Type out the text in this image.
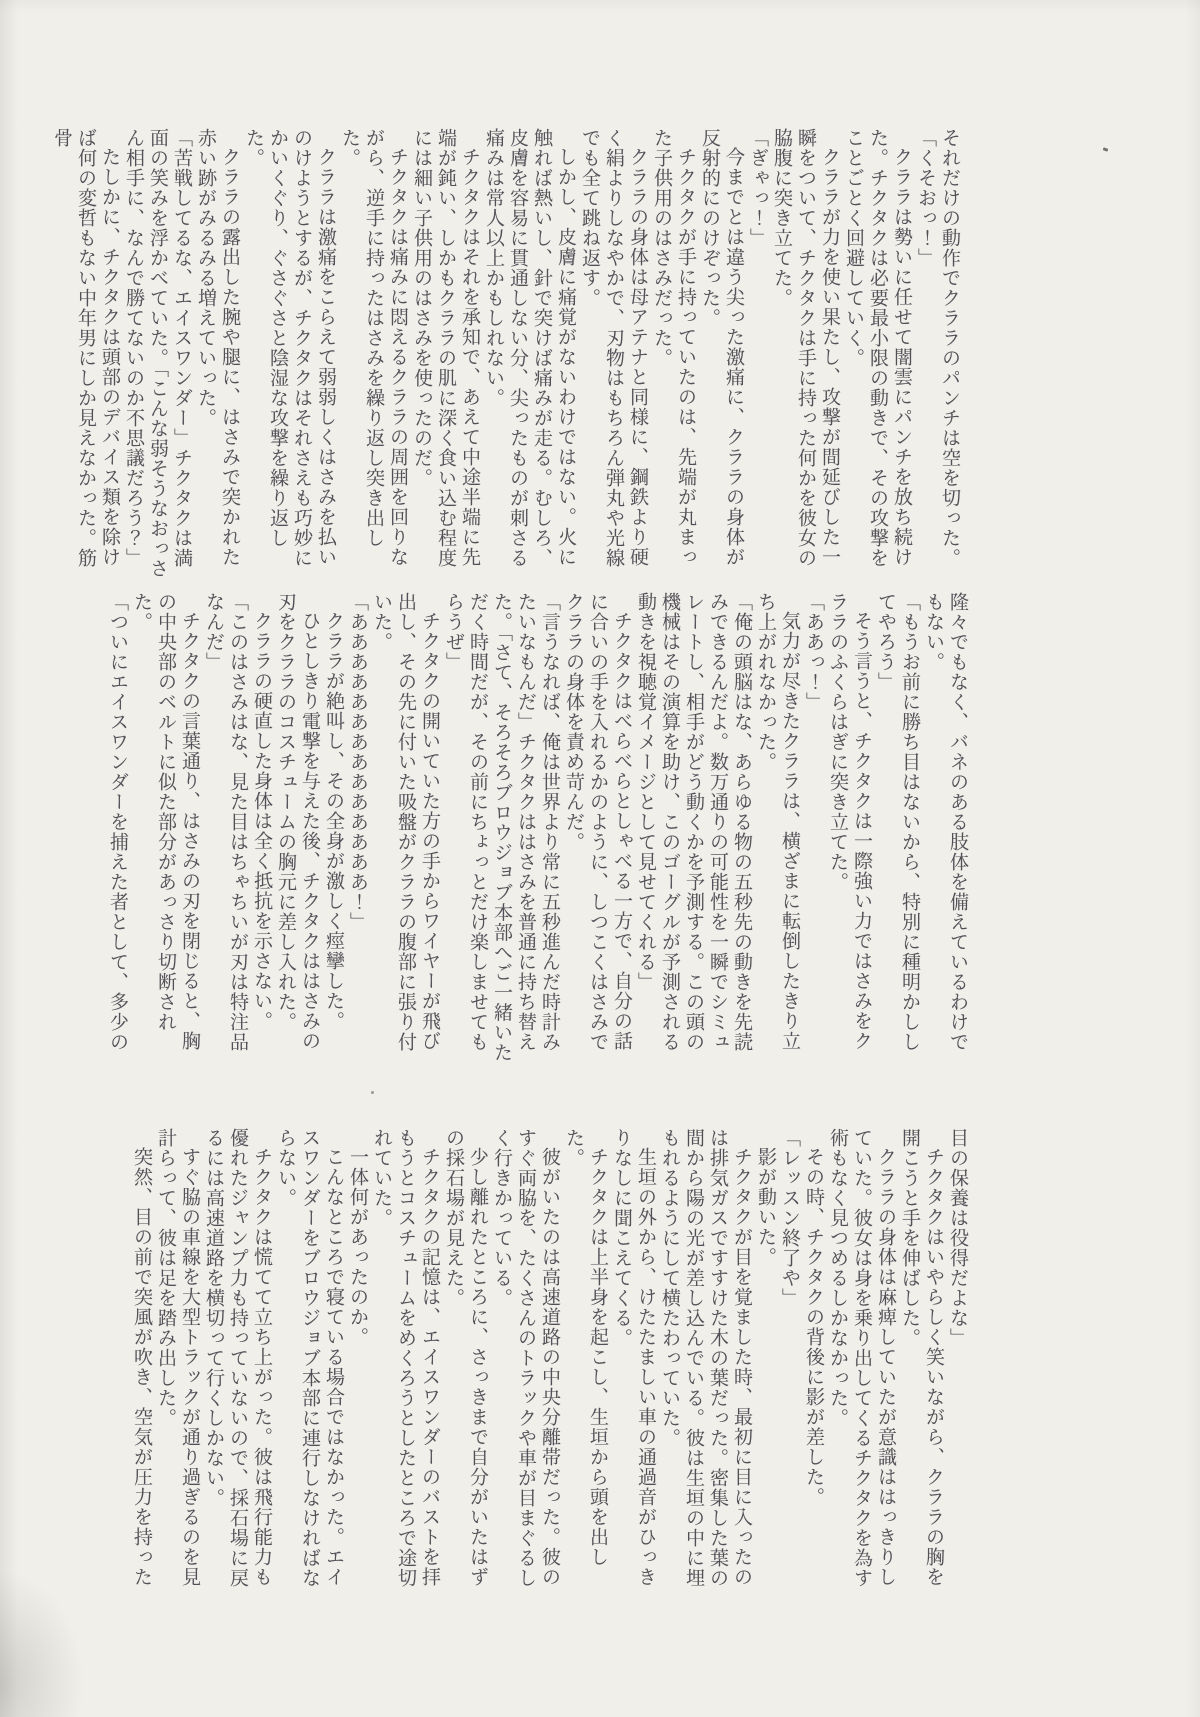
それだけの動作でクララのパンチは空を切った。

「くそおっ！」

クララは勢いに任せて闇雲にパンチを放ち続けた。チクタクは必要最小限の動きで、その攻撃をことごとく回避していく。

クララが力を使い果たし、攻撃が間延びした一瞬をついて、チクタクは手に持った何かを彼女の脇腹に突き立てた。

「ぎゃっ！」

今までとは違う尖った激痛に、クララの身体が反射的にのけぞった。

チクタクが手に持っていたのは、先端が丸まった子供用のはさみだった。

クララの身体は母アテナと同様に、鋼鉄より硬く絹よりしなやかで、刃物はもちろん弾丸や光線でも全て跳ね返す。

しかし、皮膚に痛覚がないわけではない。火に触れば熱いし、針で突けば痛みが走る。むしろ、皮膚を容易に貫通しない分、尖ったものが刺さる痛みは常人以上かもしれない。

チクタクはそれを承知で、あえて中途半端に先端が鈍い、しかもクララの肌に深く食い込む程度には細い子供用のはさみを使ったのだ。

チクタクは痛みに悶えるクララの周囲を回りながら、逆手に持ったはさみを繰り返し突き出した。

クララは激痛をこらえて弱弱しくはさみを払いのけようとするが、チクタクはそれさえも巧妙にかいくぐり、ぐさぐさと陰湿な攻撃を繰り返した。

クララの露出した腕や腿に、はさみで突かれた赤い跡がみるみる増えていった。

「苦戦してるな、エイスワンダー」チクタクは満面の笑みを浮かべていた。「こんな弱そうなおっさん相手に、なんで勝てないのか不思議だろう？」

たしかに、チクタクは頭部のデバイス類を除けば何の変哲もない中年男にしか見えなかった。筋骨

隆々でもなく、バネのある肢体を備えているわけでもない。

「もうお前に勝ち目はないから、特別に種明かししてやろう」

そう言うと、チクタクは一際強い力ではさみをクララのふくらはぎに突き立てた。

「ああっ！」

気力が尽きたクララは、横ざまに転倒したきり立ち上がれなかった。

「俺の頭脳はな、あらゆる物の五秒先の動きを先読みできるんだよ。数万通りの可能性を一瞬でシミュレートし、相手がどう動くかを予測する。この頭の機械はその演算を助け、このゴーグルが予測される動きを視聴覚イメージとして見せてくれる」

チクタクはべらべらとしゃべる一方で、自分の話に合いの手を入れるかのように、しつこくはさみでクララの身体を責め苛んだ。

「言うなれば、俺は世界より常に五秒進んだ時計みたいなもんだ」チクタクははさみを普通に持ち替えた。「さて、そろそろブロウジョブ本部へご一緒いただく時間だが、その前にちょっとだけ楽しませてもらうぜ」

チクタクの開いていた方の手からワイヤーが飛び出し、その先に付いた吸盤がクララの腹部に張り付いた。

「ああああああああああああああ！」

クララが絶叫し、その全身が激しく痙攣した。

ひとしきり電撃を与えた後、チクタクははさみの刃をクララのコスチュームの胸元に差し入れた。

クララの硬直した身体は全く抵抗を示さない。

「このはさみはな、見た目はちゃちいが刃は特注品なんだ」

チクタクの言葉通り、はさみの刃を閉じると、胸の中央部のベルトに似た部分があっさり切断された。

「ついにエイスワンダーを捕えた者として、多少の

目の保養は役得だよな」

チクタクはいやらしく笑いながら、クララの胸を開こうと手を伸ばした。

クララの身体は麻痺していたが意識ははっきりしていた。彼女は身を乗り出してくるチクタクを為す術もなく見つめるしかなかった。

その時、チクタクの背後に影が差した。

「レッスン終了や」

影が動いた。

チクタクが目を覚ました時、最初に目に入ったのは排気ガスですすけた木の葉だった。密集した葉の間から陽の光が差し込んでいる。彼は生垣の中に埋もれるようにして横たわっていた。

生垣の外から、けたたましい車の通過音がひっきりなしに聞こえてくる。

チクタクは上半身を起こし、生垣から頭を出した。

彼がいたのは高速道路の中央分離帯だった。彼のすぐ両脇を、たくさんのトラックや車が目まぐるしく行きかっている。

少し離れたところに、さっきまで自分がいたはずの採石場が見えた。

チクタクの記憶は、エイスワンダーのバストを拝もうとコスチュームをめくろうとしたところで途切れていた。

一体何があったのか。

こんなところで寝ている場合ではなかった。エイスワンダーをブロウジョブ本部に連行しなければならない。

チクタクは慌てて立ち上がった。彼は飛行能力も優れたジャンプ力も持っていないので、採石場に戻るには高速道路を横切って行くしかない。

すぐ脇の車線を大型トラックが通り過ぎるのを見計らって、彼は足を踏み出した。

突然、目の前で突風が吹き、空気が圧力を持った
